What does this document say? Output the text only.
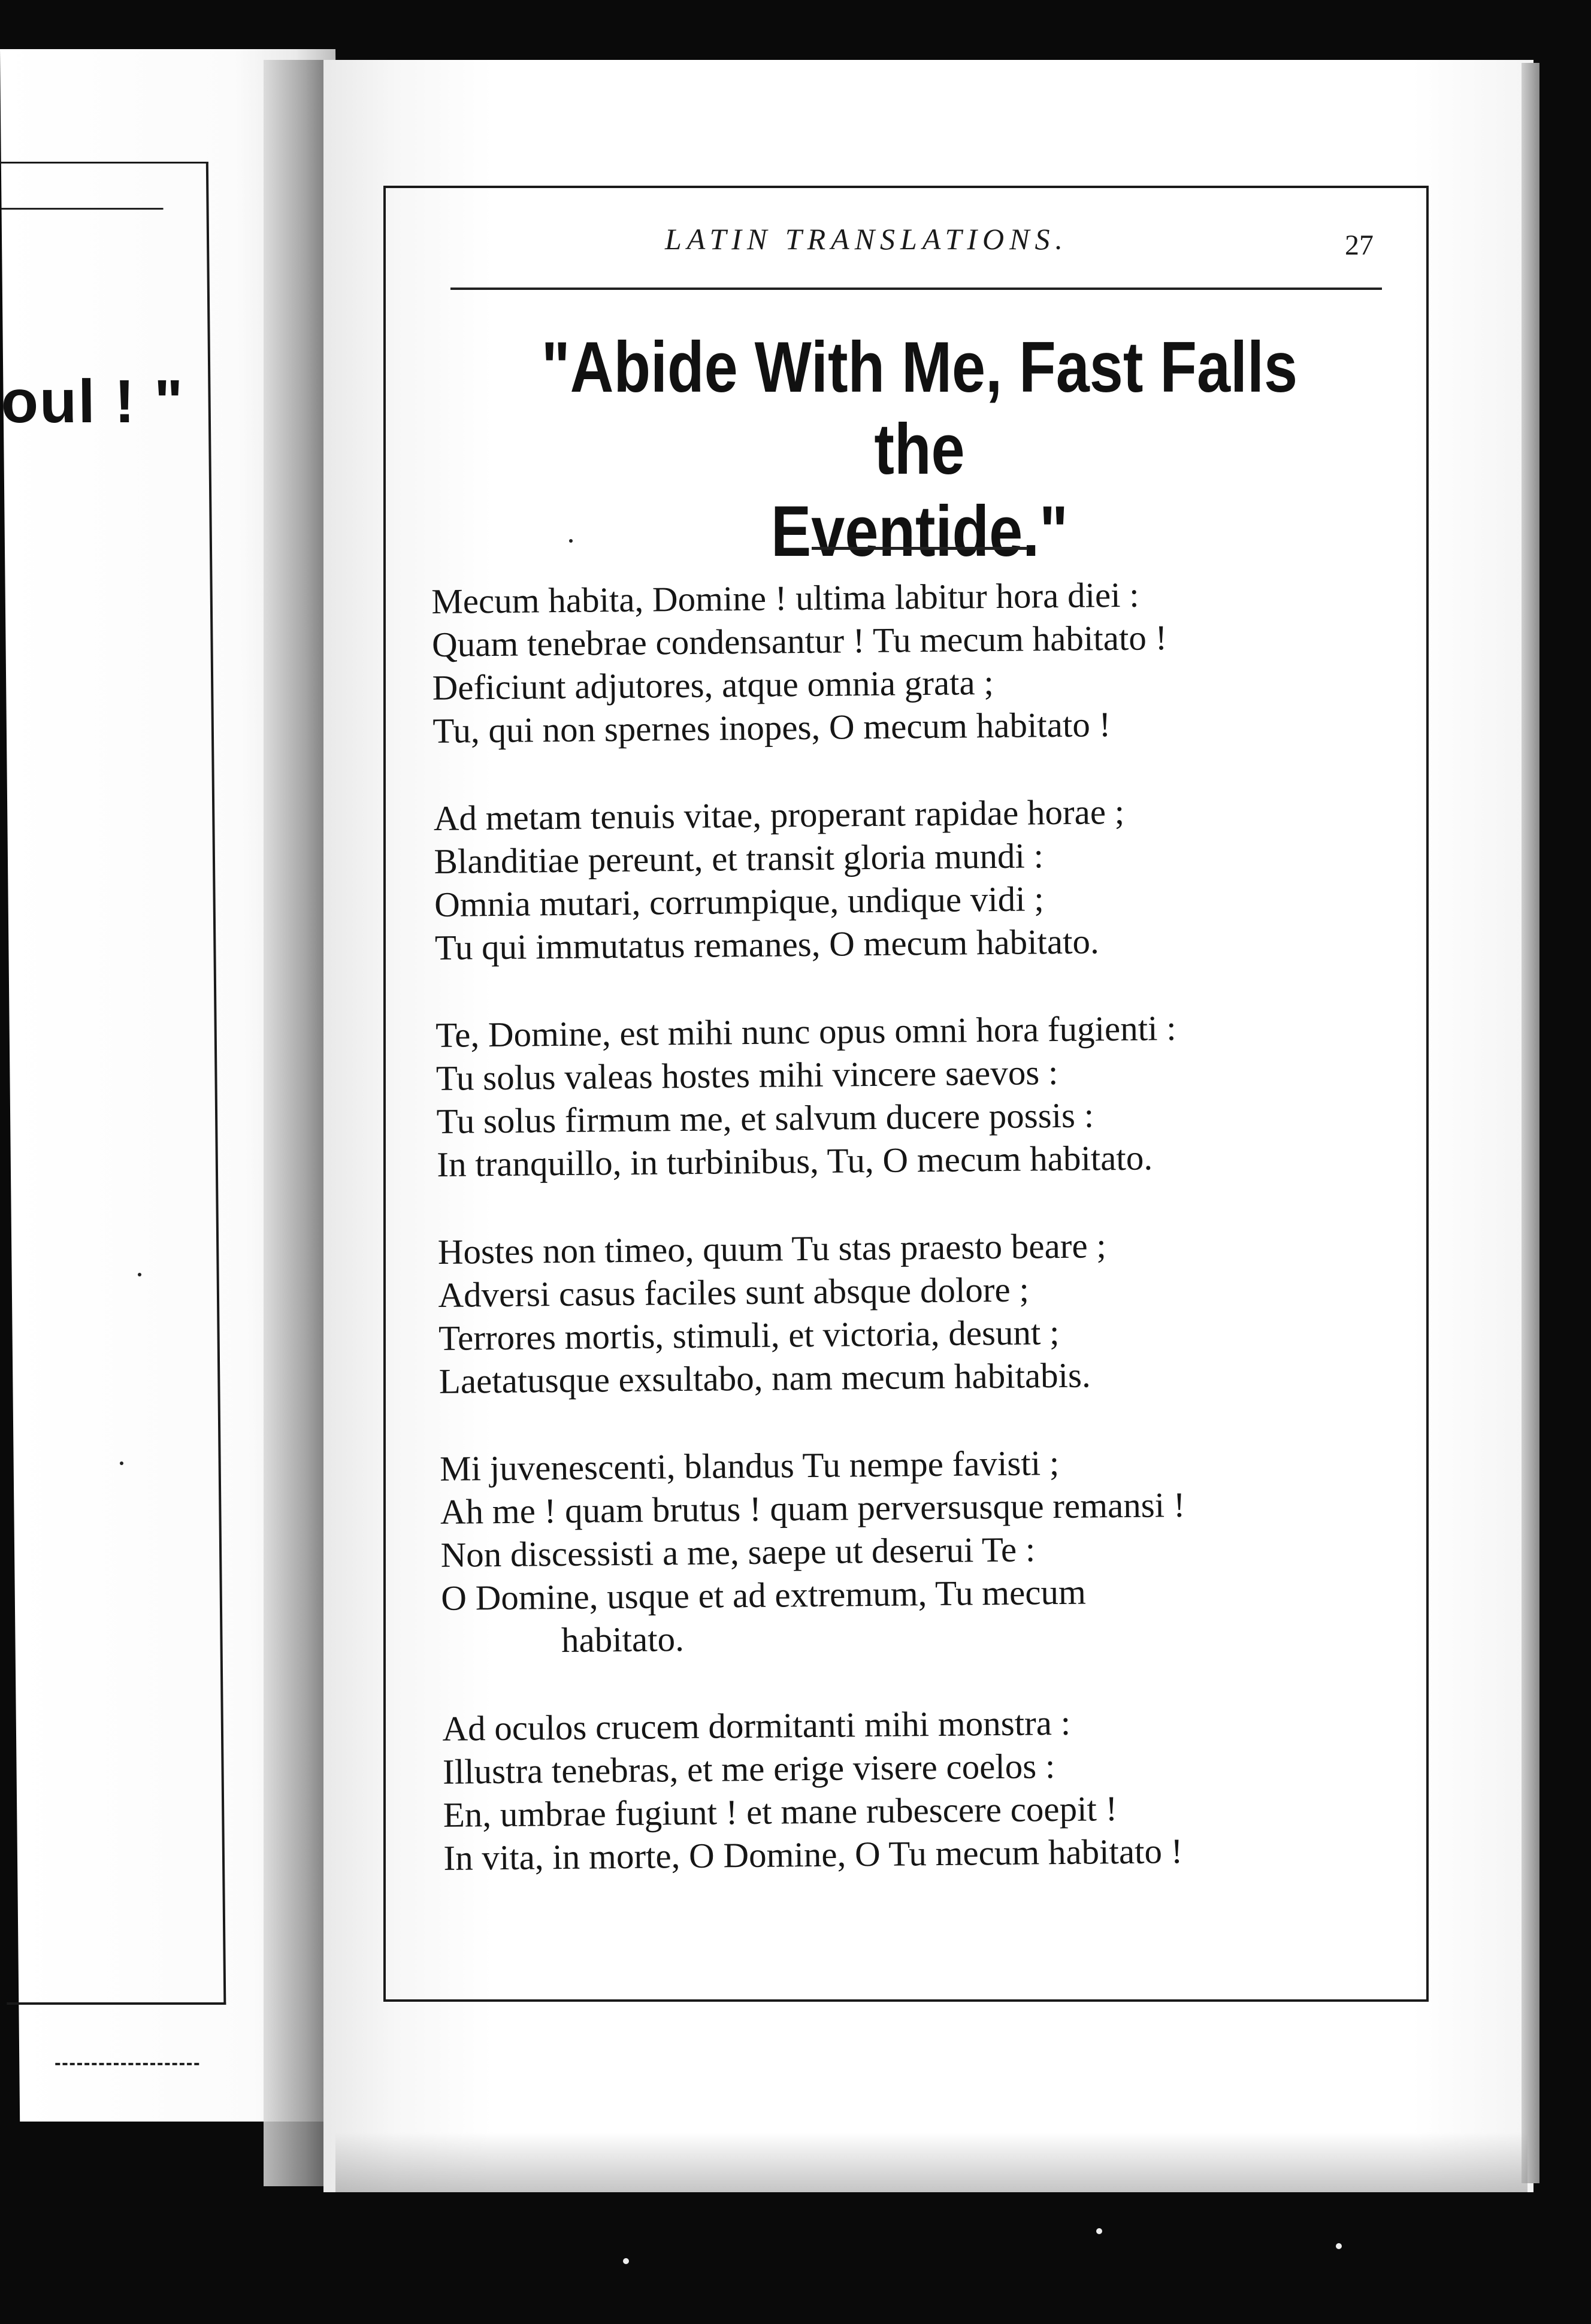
oul ! "
LATIN TRANSLATIONS.	27
"Abide With Me, Fast Falls the
Eventide."
Mecum habita, Domine ! ultima labitur hora diei :
Quam tenebrae condensantur ! Tu mecum habitato !
Deficiunt adjutores, atque omnia grata ;
Tu, qui non spernes inopes, O mecum habitato !
Ad metam tenuis vitae, properant rapidae horae ;
Blanditiae pereunt, et transit gloria mundi :
Omnia mutari, corrumpique, undique vidi ;
Tu qui immutatus remanes, O mecum habitato.
Te, Domine, est mihi nunc opus omni hora fugienti :
Tu solus valeas hostes mihi vincere saevos :
Tu solus firmum me, et salvum ducere possis :
In tranquillo, in turbinibus, Tu, O mecum habitato.
Hostes non timeo, quum Tu stas praesto beare ;
Adversi casus faciles sunt absque dolore ;
Terrores mortis, stimuli, et victoria, desunt ;
Laetatusque exsultabo, nam mecum habitabis.
Mi juvenescenti, blandus Tu nempe favisti ;
Ah me ! quam brutus ! quam perversusque remansi !
Non discessisti a me, saepe ut deserui Te :
O Domine, usque et ad extremum, Tu mecum
habitato.
Ad oculos crucem dormitanti mihi monstra :
Illustra tenebras, et me erige visere coelos :
En, umbrae fugiunt ! et mane rubescere coepit !
In vita, in morte, O Domine, O Tu mecum habitato !
